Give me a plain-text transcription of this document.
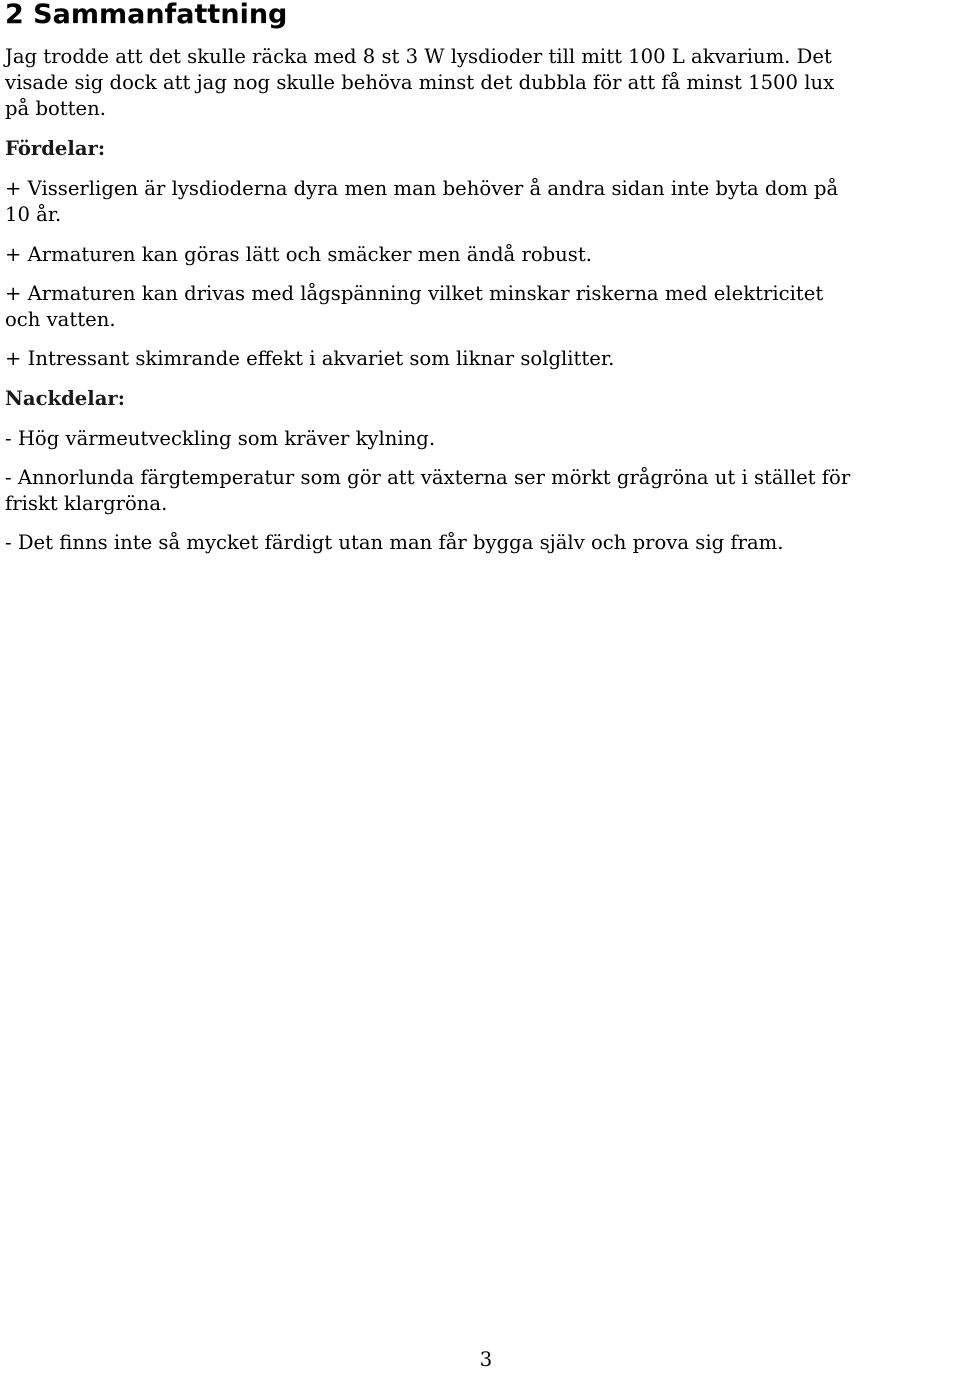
2 Sammanfattning

Jag trodde att det skulle räcka med 8 st 3 W lysdioder till mitt 100 L akvarium. Det

visade sig dock att jag nog skulle behöva minst det dubbla för att få minst 1500 lux

på botten.

Fördelar:

+ Visserligen är lysdioderna dyra men man behöver å andra sidan inte byta dom på

10 år.

+ Armaturen kan göras lätt och smäcker men ändå robust.

+ Armaturen kan drivas med lågspänning vilket minskar riskerna med elektricitet

och vatten.

+ Intressant skimrande effekt i akvariet som liknar solglitter.

Nackdelar:

- Hög värmeutveckling som kräver kylning.

- Annorlunda färgtemperatur som gör att växterna ser mörkt grågröna ut i stället för

friskt klargröna.

- Det finns inte så mycket färdigt utan man får bygga själv och prova sig fram.

3
